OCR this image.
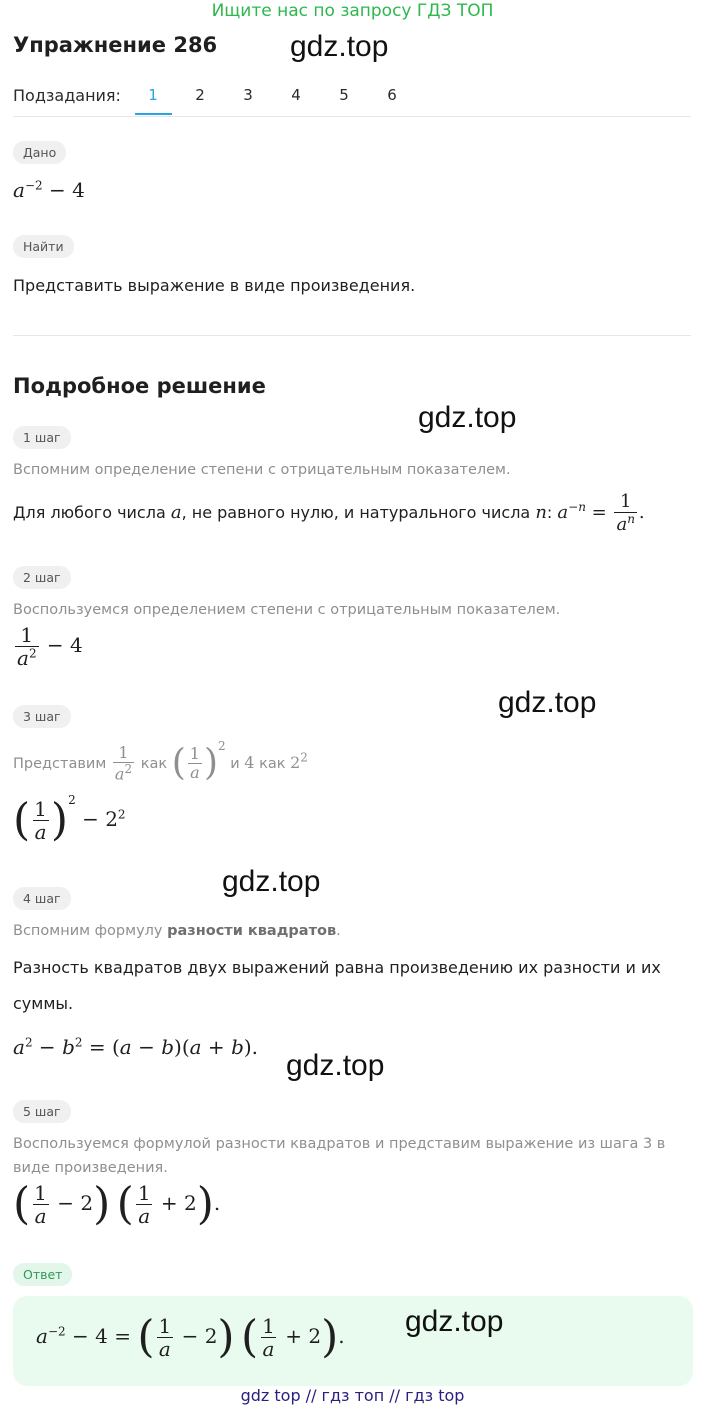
Ищите нас по запросу ГДЗ ТОП
Упражнение 286 gdz.top
Подзадания:	1	2	3	4	5	6
Дано
$a^{-2} - 4$
Найти
Представить выражение в виде произведения.
Подробное решение
gdz.top
1 шаг
Вспомним определение степени с отрицательным показателем.
Для любого числа a, не равного нулю, и натурального числа n: $a^{-n} = \frac{1}{a^n}$ .
2 шаг
Воспользуемся определением степени с отрицательным показателем.
$\frac{1}{a^2} - 4$
gdz.top
3 шаг
Представим $\frac{1}{a^2}$ как ( $\frac{1}{a} )^2$ и 4 как $2^2$
( $\frac{1}{a} )^2 - 2^2$
gdz.top
4 шаг
Вспомним формулу разности квадратов.
Разность квадратов двух выражений равна произведению их разности и их
суммы.
$a^2 - b^2 = (a - b)(a + b)$.
gdz.top
5 шаг
Воспользуемся формулой разности квадратов и представим выражение из шага 3 в
виде произведения.
( $\frac{1}{a} - 2$) ( $\frac{1}{a} + 2$).
Ответ
$a^{-2} - 4$ = ( $\frac{1}{a} - 2$) ( $\frac{1}{a} + 2$). gdz.top
gdz top // гдз топ // гдз top
